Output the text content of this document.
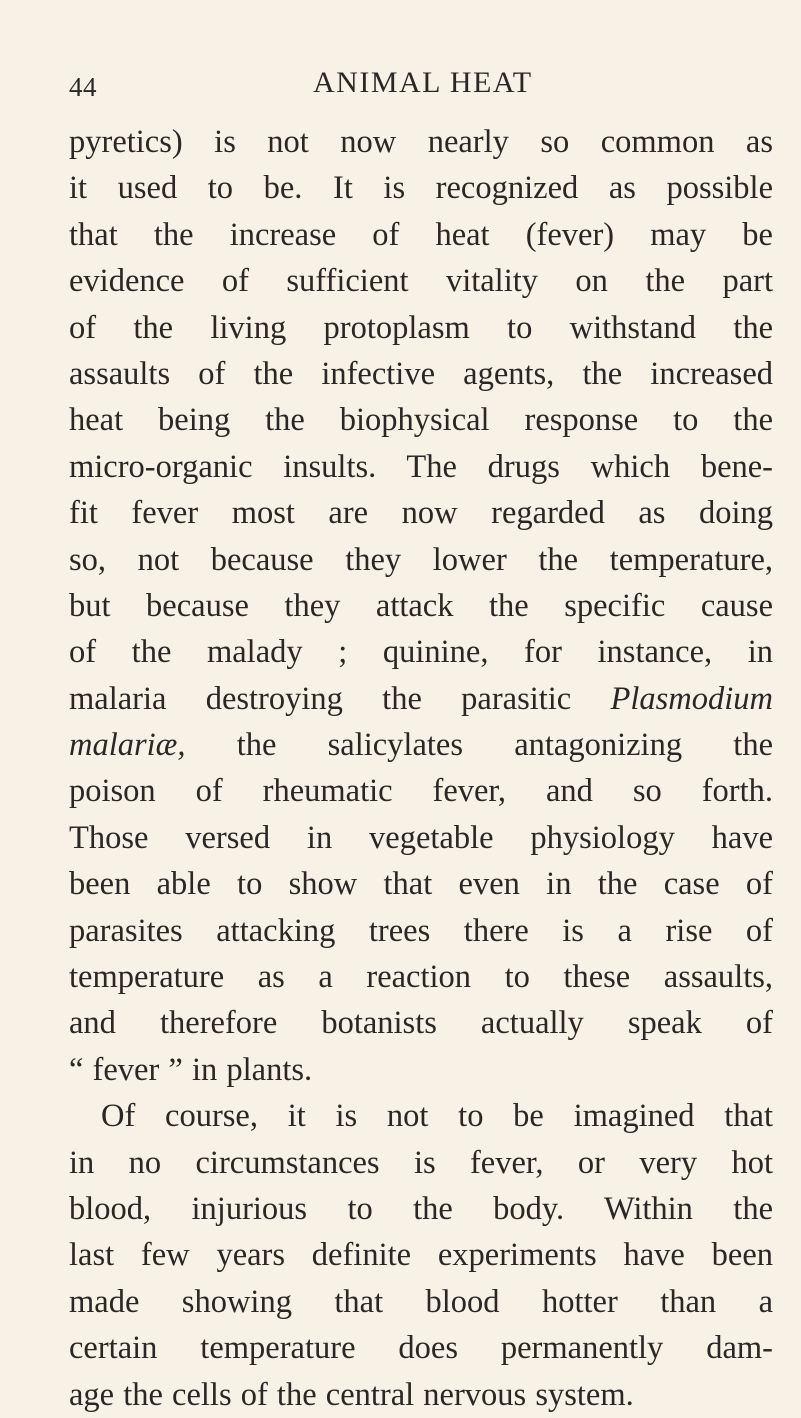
44	ANIMAL HEAT
pyretics) is not now nearly so common as
it used to be. It is recognized as possible
that the increase of heat (fever) may be
evidence of sufficient vitality on the part
of the living protoplasm to withstand the
assaults of the infective agents, the increased
heat being the biophysical response to the
micro-organic insults. The drugs which bene-
fit fever most are now regarded as doing
so, not because they lower the temperature,
but because they attack the specific cause
of the malady ; quinine, for instance, in
malaria destroying the parasitic Plasmodium
malariæ, the salicylates antagonizing the
poison of rheumatic fever, and so forth.
Those versed in vegetable physiology have
been able to show that even in the case of
parasites attacking trees there is a rise of
temperature as a reaction to these assaults,
and therefore botanists actually speak of
“ fever ” in plants.
Of course, it is not to be imagined that
in no circumstances is fever, or very hot
blood, injurious to the body. Within the
last few years definite experiments have been
made showing that blood hotter than a
certain temperature does permanently dam-
age the cells of the central nervous system.
